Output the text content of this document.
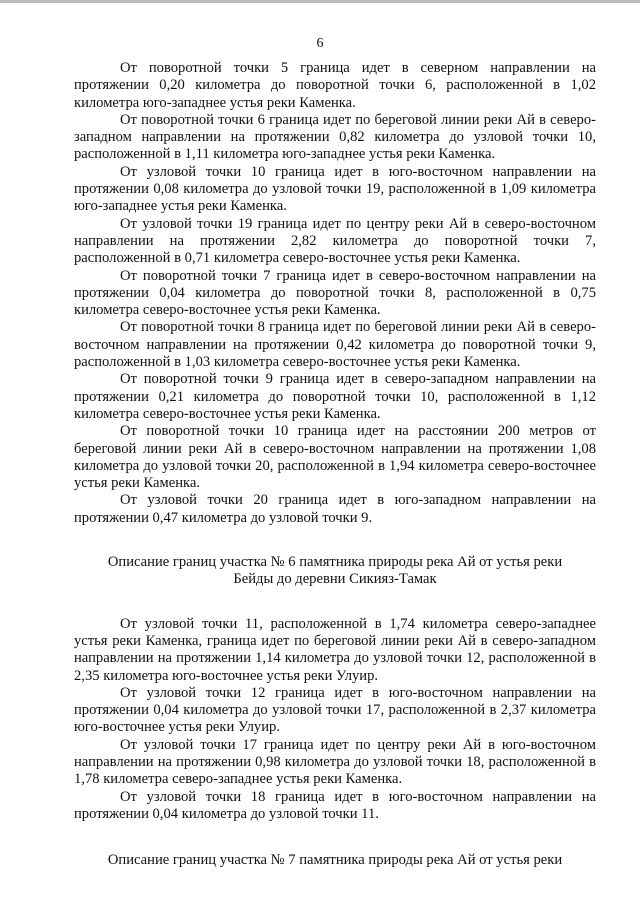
6

От поворотной точки 5 граница идет в северном направлении на протяжении 0,20 километра до поворотной точки 6, расположенной в 1,02 километра юго-западнее устья реки Каменка.

От поворотной точки 6 граница идет по береговой линии реки Ай в северо-западном направлении на протяжении 0,82 километра до узловой точки 10, расположенной в 1,11 километра юго-западнее устья реки Каменка.

От узловой точки 10 граница идет в юго-восточном направлении на протяжении 0,08 километра до узловой точки 19, расположенной в 1,09 километра юго-западнее устья реки Каменка.

От узловой точки 19 граница идет по центру реки Ай в северо-восточном направлении на протяжении 2,82 километра до поворотной точки 7, расположенной в 0,71 километра северо-восточнее устья реки Каменка.

От поворотной точки 7 граница идет в северо-восточном направлении на протяжении 0,04 километра до поворотной точки 8, расположенной в 0,75 километра северо-восточнее устья реки Каменка.

От поворотной точки 8 граница идет по береговой линии реки Ай в северо-восточном направлении на протяжении 0,42 километра до поворотной точки 9, расположенной в 1,03 километра северо-восточнее устья реки Каменка.

От поворотной точки 9 граница идет в северо-западном направлении на протяжении 0,21 километра до поворотной точки 10, расположенной в 1,12 километра северо-восточнее устья реки Каменка.

От поворотной точки 10 граница идет на расстоянии 200 метров от береговой линии реки Ай в северо-восточном направлении на протяжении 1,08 километра до узловой точки 20, расположенной в 1,94 километра северо-восточнее устья реки Каменка.

От узловой точки 20 граница идет в юго-западном направлении на протяжении 0,47 километра до узловой точки 9.

Описание границ участка № 6 памятника природы река Ай от устья реки

Бейды до деревни Сикияз-Тамак

От узловой точки 11, расположенной в 1,74 километра северо-западнее устья реки Каменка, граница идет по береговой линии реки Ай в северо-западном направлении на протяжении 1,14 километра до узловой точки 12, расположенной в 2,35 километра юго-восточнее устья реки Улуир.

От узловой точки 12 граница идет в юго-восточном направлении на протяжении 0,04 километра до узловой точки 17, расположенной в 2,37 километра юго-восточнее устья реки Улуир.

От узловой точки 17 граница идет по центру реки Ай в юго-восточном направлении на протяжении 0,98 километра до узловой точки 18, расположенной в 1,78 километра северо-западнее устья реки Каменка.

От узловой точки 18 граница идет в юго-восточном направлении на протяжении 0,04 километра до узловой точки 11.

Описание границ участка № 7 памятника природы река Ай от устья реки
